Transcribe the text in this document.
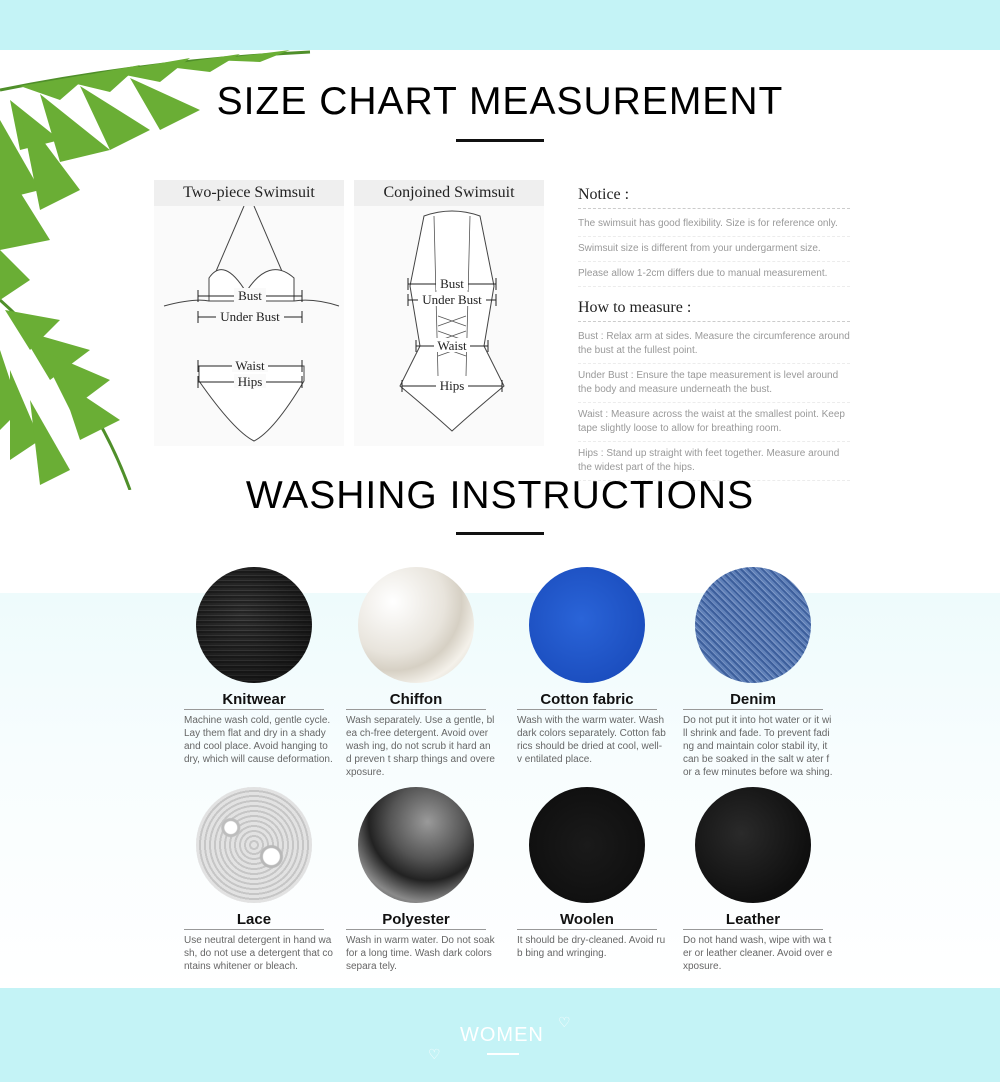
SIZE CHART MEASUREMENT
Two-piece Swimsuit
Bust
Under Bust
Waist
Hips
Conjoined Swimsuit
Bust
Under Bust
Waist
Hips
Notice :

The swimsuit has good flexibility. Size is for reference only.

Swimsuit size is different from your undergarment size.

Please allow 1-2cm differs due to manual measurement.

How to measure :

Bust : Relax arm at sides. Measure the circumference around the bust at the fullest point.

Under Bust : Ensure the tape measurement is level around the body and measure underneath the bust.

Waist : Measure across the waist at the smallest point. Keep tape slightly loose to allow for breathing room.

Hips : Stand up straight with feet together. Measure around the widest part of the hips.

WASHING INSTRUCTIONS
Knitwear
Machine wash cold, gentle cycle. Lay them flat and dry in a shady and cool place. Avoid hanging to dry, which will cause deformation.
Chiffon
Wash separately. Use a gentle, blea ch-free detergent. Avoid over wash ing, do not scrub it hard and preven t sharp things and overexposure.
Cotton fabric
Wash with the warm water. Wash dark colors separately. Cotton fab rics should be dried at cool, well-v entilated place.
Denim
Do not put it into hot water or it will shrink and fade. To prevent fading and maintain color stabil ity, it can be soaked in the salt w ater for a few minutes before wa shing.
Lace
Use neutral detergent in hand wa sh, do not use a detergent that co ntains whitener or bleach.
Polyester
Wash in warm water. Do not soak for a long time. Wash dark colors separa tely.
Woolen
It should be dry-cleaned. Avoid rub bing and wringing.
Leather
Do not hand wash, wipe with wa ter or leather cleaner. Avoid over exposure.
WOMEN
♡
♡
